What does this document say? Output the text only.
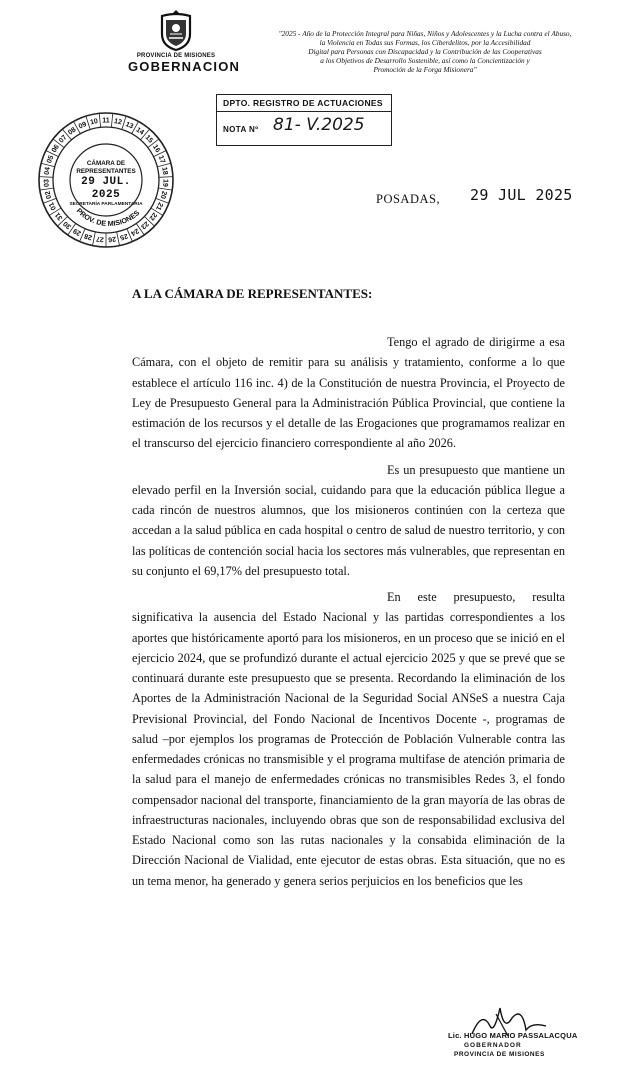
PROVINCIA DE MISIONES
GOBERNACION
"2025 - Año de la Protección Integral para Niñas, Niños y Adolescentes y la Lucha contra el Abuso,
la Violencia en Todas sus Formas, los Ciberdelitos, por la Accesibilidad
Digital para Personas con Discapacidad y la Contribución de las Cooperativas
a los Objetivos de Desarrollo Sostenible, así como la Concientización y
Promoción de la Forga Misionera"
DPTO. REGISTRO DE ACTUACIONES
NOTA Nº 81- V.2025
11 12 13
14
15
16
17
18
19
20
21
22
23
24
25
26
27
28
29
30
31
01
02
03
04
05
06
07
08
09 10
PROV. DE MISIONES
CÁMARA DE REPRESENTANTES
29 JUL. 2025
SECRETARÍA PARLAMENTARIA	POSADAS, 29 JUL 2025
A LA CÁMARA DE REPRESENTANTES:

Tengo el agrado de dirigirme a esa Cámara, con el objeto de remitir para su análisis y tratamiento, conforme a lo que establece el artículo 116 inc. 4) de la Constitución de nuestra Provincia, el Proyecto de Ley de Presupuesto General para la Administración Pública Provincial, que contiene la estimación de los recursos y el detalle de las Erogaciones que programamos realizar en el transcurso del ejercicio financiero correspondiente al año 2026.

Es un presupuesto que mantiene un elevado perfil en la Inversión social, cuidando para que la educación pública llegue a cada rincón de nuestros alumnos, que los misioneros continúen con la certeza que accedan a la salud pública en cada hospital o centro de salud de nuestro territorio, y con las políticas de contención social hacia los sectores más vulnerables, que representan en su conjunto el 69,17% del presupuesto total.

En este presupuesto, resulta significativa la ausencia del Estado Nacional y las partidas correspondientes a los aportes que históricamente aportó para los misioneros, en un proceso que se inició en el ejercicio 2024, que se profundizó durante el actual ejercicio 2025 y que se prevé que se continuará durante este presupuesto que se presenta. Recordando la eliminación de los Aportes de la Administración Nacional de la Seguridad Social ANSeS a nuestra Caja Previsional Provincial, del Fondo Nacional de Incentivos Docente -, programas de salud –por ejemplos los programas de Protección de Población Vulnerable contra las enfermedades crónicas no transmisible y el programa multifase de atención primaria de la salud para el manejo de enfermedades crónicas no transmisibles Redes 3, el fondo compensador nacional del transporte, financiamiento de la gran mayoría de las obras de infraestructuras nacionales, incluyendo obras que son de responsabilidad exclusiva del Estado Nacional como son las rutas nacionales y la consabida eliminación de la Dirección Nacional de Vialidad, ente ejecutor de estas obras. Esta situación, que no es un tema menor, ha generado y genera serios perjuicios en los beneficios que les

Lic. HUGO MARIO PASSALACQUA
GOBERNADOR
PROVINCIA DE MISIONES
